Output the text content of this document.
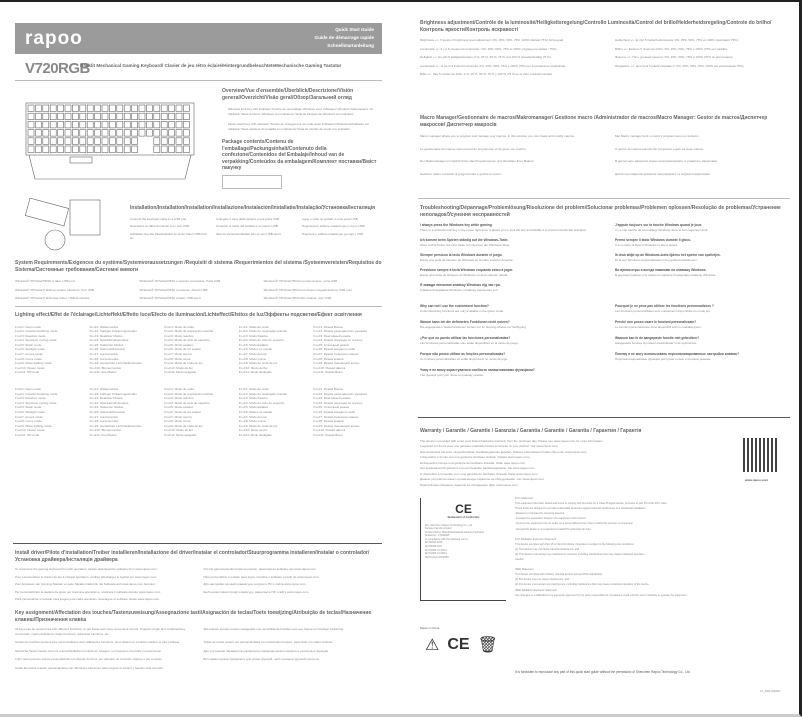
rapoo	Quick Start Guide
Guide de démarrage rapide
Schnellstartanleitung
V720RGB
Backlit Mechanical Gaming Keyboard/ Clavier de jeu rétro éclairé/HintergrundbeleuchteteMechanische Gaming Tastatur
Overview/Vue d'ensemble/Überblick/Descrizione/Visión general/Overzicht/Visão geral/Обзор/Загальний огляд
Windows lock key with indicator/ Touche de verrouillage Windows avec indicateur/ Windows-Tastensperre mit Indikator/ Tasto di blocco Windows con indicatore/ Tecla de bloqueo de Windows con indicador
Mode switch key with indicator/ Touche de changement de mode avec indicateur/ Modusumschalttaste mit Indikator/ Tasto selettore di modalità con indicatore/ Tecla de cambio de modo con indicador
Package contents/Contenu de l'emballage/Packungsinhalt/Contenuto della confezione/Contenidos del Embalaje/Inhoud van de verpakking/Conteúdos da embalagem/Комплект поставки/Вміст пакунку
Installation/Installation/Installation/Installazione/Instalación/Installatie/Instalação/Установка/Інсталяція
Connect the keyboard cable to a USB port.
Raccordez le câble du clavier à un port USB.
Schließen Sie das Tastaturkabel an einen freien USB-Port an.
Collegare il cavo della tastiera a una porta USB.
Conectar el cable del teclado a un puerto USB.
Sluit de toetsenbordkabel aan op een USB-poort.
Ligue o cabo do teclado a uma porta USB.
Подключите кабель клавиатуры к порту USB.
Підключіть кабель клавіатури до порту USB.
System Requirements/Exigences du système/Systemvoraussetzungen /Requisiti di sistema /Requerimientos del sistema /Systeemvereisten/Requisitos do Sistema/Системные требования/Системні вимоги
Windows® XP/Vista/7/8/10 or later, USB port
Windows® XP/Vista/7/ 8/10 ou version ultérieure, Port USB
Windows® XP/Vista/7/ 8/10 oder höher, USB-Anschluss
Windows® XP/Vista/7/8/10 o versioni successive, Porta USB
Windows® XP/Vista/7/8/10 o posterior, Puerto USB
Windows® XP/Vista/7/8/10 of later, USB-poort
Windows® XP/Vista/7/8/10 ou mais recente, porta USB
Windows® XP/Vista/7/8/10 или более поздней версии, USB порт
Windows® XP/Vista/7/8/10 або пізніша, порт USB
Lighting effect/Effet de l'éclairage/Lichteffekt/Effetto luce/Efecto de iluminación/Lichteffect/Efeitos de luz/Эффекты подсветки/Ефект освітлення
Fn+F1: Neon mode
Fn+F2: Colorful breathing mode
Fn+F3: Reactive mode
Fn+F4: Spectrum cycling mode
Fn+F5: Static mode
Fn+F6: Starlight mode
Fn+F7: Aurora mode
Fn+F8: Curve mode
Fn+F9: Wave lighting mode
Fn+F10: Flower mode
Fn+F11: Off mode
Fn+F1: Wellenmodus
Fn+F2: Farbiger Pulsierungsmodus
Fn+F3: Reaktiver Modus
Fn+F4: Spektralzyklusmodus
Fn+F5: Statischer Modus
Fn+F6: Sternenlichtmodus
Fn+F7: Auroramodus
Fn+F8: Kurvenmodus
Fn+F9: Gemischter Licht-Wellenmodus
Fn+F10: Blumenmodus
Fn+F11: Aus-Modus
Fn+F1: Modo de onda
Fn+F2: Modo de respiración colorido
Fn+F3: Modo reactivo
Fn+F4: Modo de ciclo de espectro
Fn+F5: Modo estático
Fn+F6: Modo de luz estelar
Fn+F7: Modo aurora
Fn+F8: Modo curva
Fn+F9: Modo de onda de luz
Fn+F10: Modo de flor
Fn+F11: Modo apagado
Fn+F1: Modo de onda
Fn+F2: Modo de respiração colorido
Fn+F3: Modo Reativo
Fn+F4: Modo de ciclo do espectro
Fn+F5: Modo Estático
Fn+F6: Modo Luz estelar
Fn+F7: Modo Aurora
Fn+F8: Modo Curva
Fn+F9: Modo de onda de luz
Fn+F10: Modo de flor
Fn+F11: Modo desligado
Fn+F1: Режим Волна
Fn+F2: Режим разноцветного дыхания
Fn+F3: Реактивный режим
Fn+F4: Режим перехода по спектру
Fn+F5: Статичный режим
Fn+F6: Режим звездного неба
Fn+F7: Режим Северное сияние
Fn+F8: Режим кривой
Fn+F9: Режим смешанной волны
Fn+F10: Режим Цветок
Fn+F11: Режим Выкл
Fn+F1: Neon mode
Fn+F2: Colorful breathing mode
Fn+F3: Reactive mode
Fn+F4: Spectrum cycling mode
Fn+F5: Static mode
Fn+F6: Starlight mode
Fn+F7: Aurora mode
Fn+F8: Curve mode
Fn+F9: Wave lighting mode
Fn+F10: Flower mode
Fn+F11: Off mode
Fn+F1: Wellenmodus
Fn+F2: Farbiger Pulsierungsmodus
Fn+F3: Reaktiver Modus
Fn+F4: Spektralzyklusmodus
Fn+F5: Statischer Modus
Fn+F6: Sternenlichtmodus
Fn+F7: Auroramodus
Fn+F8: Kurvenmodus
Fn+F9: Gemischter Licht-Wellenmodus
Fn+F10: Blumenmodus
Fn+F11: Aus-Modus
Fn+F1: Modo de onda
Fn+F2: Modo de respiración colorido
Fn+F3: Modo reactivo
Fn+F4: Modo de ciclo de espectro
Fn+F5: Modo estático
Fn+F6: Modo de luz estelar
Fn+F7: Modo aurora
Fn+F8: Modo curva
Fn+F9: Modo de onda de luz
Fn+F10: Modo de flor
Fn+F11: Modo apagado
Fn+F1: Modo de onda
Fn+F2: Modo de respiração colorido
Fn+F3: Modo Reativo
Fn+F4: Modo de ciclo do espectro
Fn+F5: Modo Estático
Fn+F6: Modo Luz estelar
Fn+F7: Modo Aurora
Fn+F8: Modo Curva
Fn+F9: Modo de onda de luz
Fn+F10: Modo de flor
Fn+F11: Modo desligado
Fn+F1: Режим Волна
Fn+F2: Режим разноцветного дыхания
Fn+F3: Реактивный режим
Fn+F4: Режим перехода по спектру
Fn+F5: Статичный режим
Fn+F6: Режим звездного неба
Fn+F7: Режим Северное сияние
Fn+F8: Режим кривой
Fn+F9: Режим смешанной волны
Fn+F10: Режим Цветок
Fn+F11: Режим Выкл
Install driver/Pilote d'installation/Treiber installieren/Installazione del driver/Instalar el controlador/Stuurprogramma installeren/Instalar o controlador/Установка драйвера/Інсталяція драйвера
To customize the gaming keyboard for each operation, please download the software from www.rapoo.com.
Pour personnaliser le clavier de jeu à chaque opération, veuillez télécharger le logiciel sur www.rapoo.com.
Zum Anpassen der Gaming-Tastatur an jede Situation lädst Du die Software auf www.rapoo.com herunter.
Per personalizzare la tastiera da gioco per ciascuna operazione, scaricare il software dal sito www.rapoo.com.
Para personalizar el teclado para juegos para cada operación, descargue el software desde www.rapoo.com.
Om het gametoetsenbord aan te passen, download de software van www.rapoo.com.
Para personalizar o teclado para jogos, transfira o software a partir de www.rapoo.com.
Для настройки игровой клавиатуры загрузите ПО с сайта www.rapoo.com.
Щоб налаштувати ігрову клавіатуру, завантажте ПЗ з сайту www.rapoo.com.
Key assignment/Affectation des touches/Tastenzuweisung/Assegnazione tasti/Asignación de teclas/Toets toewijzing/Atribuição de teclas/Назначение клавиш/Призначення клавіш
All keys can be customized with different functions, to get better and more convenient control. Program single and combined key commands, macro definitions, basic functions, advanced functions, etc.
Toutes les touches peuvent être personnalisées avec différentes fonctions, pour obtenir un contrôle meilleur et plus pratique.
Sämtliche Tasten lassen sich mit unterschiedlichen Funktionen belegen, um bequeme Kontrolle zu bekommen.
Tutti i tasti possono essere personalizzati con diverse funzioni, per ottenere un controllo migliore e più comodo.
Todas las teclas pueden personalizarse con diferentes funciones para mejorar el control y hacerlo más cómodo.
Alle toetsen kunnen worden aangepast met verschillende functies voor een betere en handiger bediening.
Todas as teclas podem ser personalizadas com diferentes funções, para obter um maior controlo.
Для улучшения параметров управления клавишам можно назначить различные функции.
Всі клавіші можна призначити для різних функцій, щоб отримати зручний контроль.
Brightness adjustment/Contrôle de la luminosité/Helligkeitsregelung/Controllo Luminosità/Control del brillo/Helderheidsregeling/Controle do brilho/Контроль яркости/Контроль яскравості
Brightness +/-: 5 levels of brightness level adjustment: 0%, 25%, 50%, 75%, 100% (default 75%) full keypad.
Luminosité +/-: Il y a 5 niveaux de luminosité : 0%, 25%, 50%, 75% et 100% (réglage par défaut : 75%).
Helligkeit +/-: Es gibt 5 Helligkeitsstufen: 0 %, 25 %, 50 %, 75 % und 100 % (standardmäßig 75 %).
Luminosità +/-: Vi sono 5 livelli di luminosità: 0%, 25%, 50%, 75% e 100% (75% per impostazione predefinita).
Brillo +/-: Hay 5 niveles de brillo: 0 %, 25 %, 50 %, 75 % y 100 % (75 % es el valor predeterminado).
Helderheid +/-: Er zijn 5 helderheidsniveaus: 0%, 25%, 50%, 75% en 100% (standaard 75%).
Brilho +/-: Existem 5 níveis de brilho: 0%, 25%, 50%, 75% e 100% (75% por padrão).
Яркость +/-: Пять уровней яркости: 0%, 25%, 50%, 75% и 100% (75% по умолчанию).
Яскравість +/-: Доступні 5 рівнів яскравості: 0%, 25%, 50%, 75%, 100% (за умовчанням 75%).
Macro Manager/Gestionnaire de macros/Makromanager/ Gestione macro /Administrador de macros/Macro Manager: Gestor de macros/Диспетчер макросов/ Диспетчер макросів
Macro manager allows you to program and manage your macros. In this window, you can create and modify macros.
Le gestionnaire de macros vous permet de programmer et de gérer vos macros.
Der Makromanager ermöglicht Ihnen das Programmieren und Verwalten Ihrer Makros.
Gestione macro consente di programmare e gestire le macro.
Met Macro manager kunt u macro's programmeren en beheren.
O gestor de macros permite-lhe programar e gerir as suas macros.
В диспетчере макросов можно программировать и управлять макросами.
Диспетчер макросів дозволяє програмувати та керувати макросами.
Troubleshooting/Dépannage/Problemlösung/Risoluzione dei problemi/Solucionar problemas/Problemen oplossen/Resolução de problemas/Устранение неполадок/Усунення несправностей
I always press the Windows key while gaming.
There is a windows lock key in the upper right area. It allows you to lock the key and disable it to prevent accidental activation.
J'appuie toujours sur la touche Windows quand je joue.
Il y a une touche de verrouillage Windows dans le coin supérieur droit.
Ich komme beim Spielen ständig auf die Windows-Taste.
Oben rechts finden Sie eine Taste zum Sperren der Windows-Taste.
Premo sempre il tasto Windows durante il gioco.
C'è un tasto di blocco Windows in alto a destra.
Siempre presiono la tecla Windows durante el juego.
Existe una tecla de bloqueo de Windows en la parte superior derecha.
Ik druk altijd op de Windows-toets tijdens het spelen van spelletjes.
Er is een Windows-vergrendeltoets in het gebied rechtsboven.
Pressiono sempre a tecla Windows enquanto estou a jogar.
Existe uma tecla de bloqueio do Windows na área superior direita.
Во время игры я всегда нажимаю на клавишу Windows.
В верхнем правом углу имеется клавиша блокировки клавиши Windows.
Я завжди натискаю клавішу Windows під час гри.
Клавіша блокування Windows у правому верхньому куті.
Why can not I use the customized function?
Customized key functions are only available in the game mode.
Pourquoi je ne peux pas utiliser les fonctions personnalisées ?
Les fonctions personnalisées sont uniquement disponibles en mode jeu.
Warum kann ich die definierten Funktionen nicht nutzen?
Die angepassten Tastenfunktionen stehen nur im Gaming-Modus zur Verfügung.
Perché non posso usare le funzioni personalizzate?
Le funzioni personalizzate sono disponibili solo in modalità gioco.
¿Por qué no puedo utilizar las funciones personalizadas?
Las funciones personalizadas solo están disponibles en el modo de juego.
Waarom kan ik de aangepaste functie niet gebruiken?
Aangepaste functies zijn alleen beschikbaar in de spelmodus.
Porque não posso utilizar as funções personalizadas?
As funções personalizadas só estão disponíveis no modo de jogo.
Почему я не могу использовать персонализированные настройки клавиш?
Персонализированные функции доступны только в игровом режиме.
Чому я не можу користуватися особисто налаштованими функціями?
Такі функції доступні лише в ігровому режимі.
Warranty / Garantie / Garantie / Garanzia / Garantía / Garantie / Garantia / Гарантия / Гарантія
The device is provided with a two year limited hardware warranty from the purchase day. Please see www.rapoo.com for more information.
L'appareil est fourni avec une garantie matérielle limitée à compter du jour d'achat. Voir www.rapoo.com.
Das Gerät wird mit einer eingeschränkten Hardwaregarantie geliefert. Weitere Informationen finden Sie unter www.rapoo.com.
Il dispositivo è fornito con una garanzia hardware limitata. Visitare www.rapoo.com.
El dispositivo incluye una garantía de hardware limitada. Visite www.rapoo.com.
Het apparaat wordt geleverd met een beperkte hardwaregarantie. Zie www.rapoo.com.
O dispositivo é fornecido com uma garantia de hardware limitada. Visite www.rapoo.com.
Данное устройство имеет ограниченную гарантию на оборудование. См. www.rapoo.com.
Пристрій має обмежену гарантію на обладнання. Див. www.rapoo.com.
www.rapoo.com
CE
Declaration of Conformity
We, Shenzhen Rapoo Technology Co., Ltd.
Declare that the product
Product Name: Backlit Mechanical Gaming Keyboard
Model No.: V720RGB
In compliance with the following norms:
EN 55032:2015
EN 55035:2017
EN 61000-3-2:2014
EN 61000-3-3:2013
RoHS (EU) 2015/863
Made in China
⚠ CE 🗑
FCC Statement
This equipment has been tested and found to comply with the limits for a Class B digital device, pursuant to part 15 of the FCC rules.
These limits are designed to provide reasonable protection against harmful interference in a residential installation.
-Reorient or relocate the receiving antenna.
-Increase the separation between the equipment and receiver.
-Connect the equipment into an outlet on a circuit different from that to which the receiver is connected.
-Consult the dealer or an experienced radio/TV technician for help.
FCC Radiation Exposure Statement
This device complies with Part 15 of the FCC Rules. Operation is subject to the following two conditions:
(1) This device may not cause harmful interference, and
(2) This device must accept any interference received, including interference that may cause undesired operation.
Caution
ISED Statement
This device complies with Industry Canada licence-exempt RSS standard(s).
(1) this device may not cause interference, and
(2) this device must accept any interference, including interference that may cause undesired operation of the device.
ISED Radiation Exposure Statement
Any changes or modifications not expressly approved by the party responsible for compliance could void the user's authority to operate the equipment.
It is forbidden to reproduce any part of this quick start guide without the permission of Shenzhen Rapoo Technology Co., Ltd.
A.1_0000-0000000
